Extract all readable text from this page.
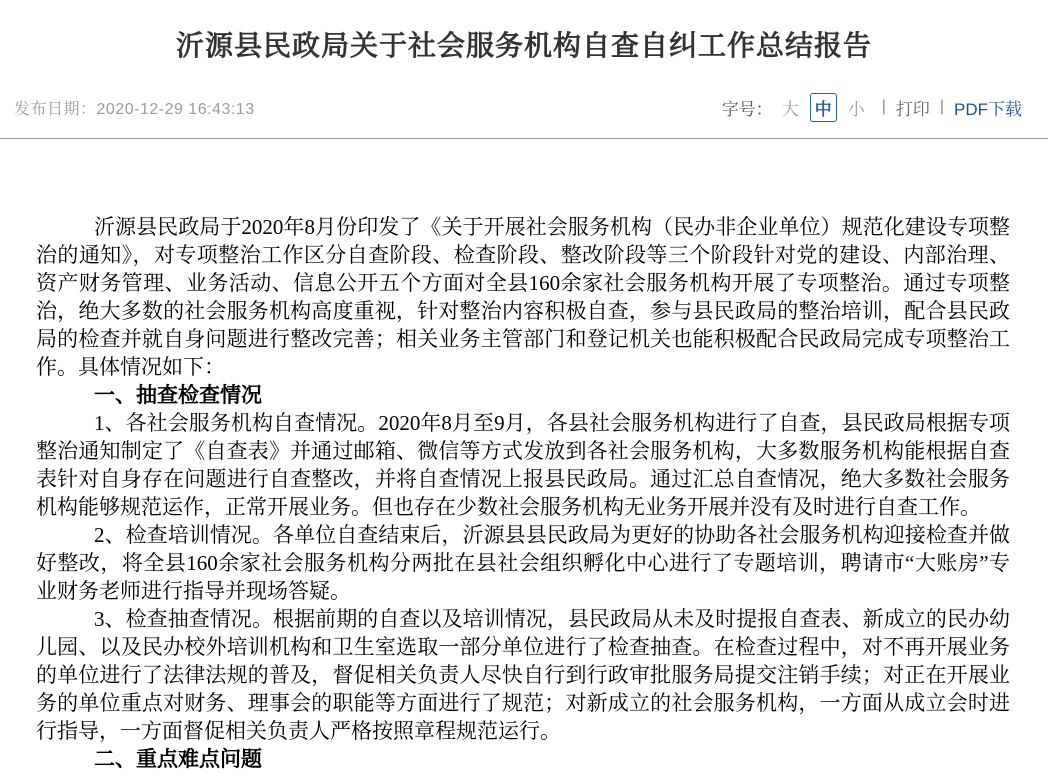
沂源县民政局关于社会服务机构自查自纠工作总结报告
发布日期：2020-12-29 16:43:13	字号： 大 中 小 | 打印 | PDF下载

沂源县民政局于2020年8月份印发了《关于开展社会服务机构（民办非企业单位）规范化建设专项整治的通知》，对专项整治工作区分自查阶段、检查阶段、整改阶段等三个阶段针对党的建设、内部治理、资产财务管理、业务活动、信息公开五个方面对全县160余家社会服务机构开展了专项整治。通过专项整治，绝大多数的社会服务机构高度重视，针对整治内容积极自查，参与县民政局的整治培训，配合县民政局的检查并就自身问题进行整改完善；相关业务主管部门和登记机关也能积极配合民政局完成专项整治工作。具体情况如下：

一、抽查检查情况

1、各社会服务机构自查情况。2020年8月至9月，各县社会服务机构进行了自查，县民政局根据专项整治通知制定了《自查表》并通过邮箱、微信等方式发放到各社会服务机构，大多数服务机构能根据自查表针对自身存在问题进行自查整改，并将自查情况上报县民政局。通过汇总自查情况，绝大多数社会服务机构能够规范运作，正常开展业务。但也存在少数社会服务机构无业务开展并没有及时进行自查工作。

2、检查培训情况。各单位自查结束后，沂源县县民政局为更好的协助各社会服务机构迎接检查并做好整改，将全县160余家社会服务机构分两批在县社会组织孵化中心进行了专题培训，聘请市“大账房”专业财务老师进行指导并现场答疑。

3、检查抽查情况。根据前期的自查以及培训情况，县民政局从未及时提报自查表、新成立的民办幼儿园、以及民办校外培训机构和卫生室选取一部分单位进行了检查抽查。在检查过程中，对不再开展业务的单位进行了法律法规的普及，督促相关负责人尽快自行到行政审批服务局提交注销手续；对正在开展业务的单位重点对财务、理事会的职能等方面进行了规范；对新成立的社会服务机构，一方面从成立会时进行指导，一方面督促相关负责人严格按照章程规范运行。

二、重点难点问题
